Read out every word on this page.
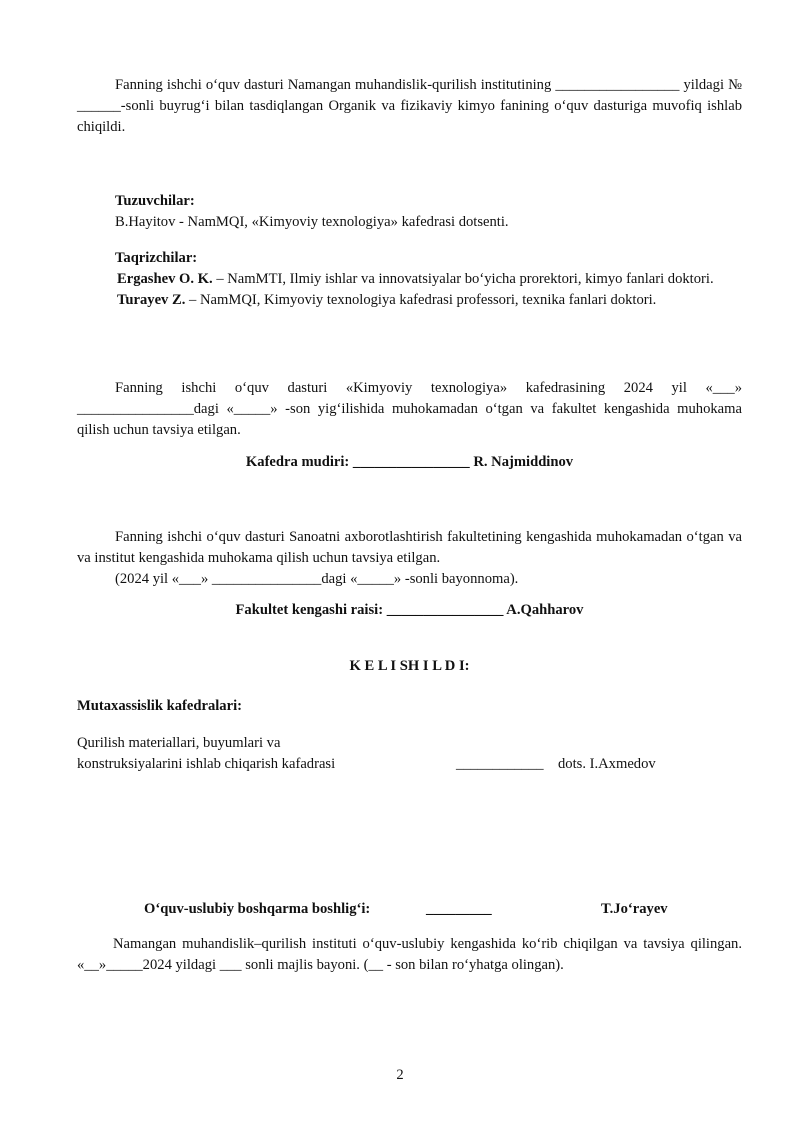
Fanning ishchi o‘quv dasturi Namangan muhandislik-qurilish institutining _________________ yildagi № ______-sonli buyrug‘i bilan tasdiqlangan Organik va fizikaviy kimyo fanining o‘quv dasturiga muvofiq ishlab chiqildi.
Tuzuvchilar:
B.Hayitov - NamMQI, «Kimyoviy texnologiya» kafedrasi dotsenti.
Taqrizchilar:
Ergashev O. K. – NamMTI, Ilmiy ishlar va innovatsiyalar bo‘yicha prorektori, kimyo fanlari doktori.
Turayev Z. – NamMQI, Kimyoviy texnologiya kafedrasi professori, texnika fanlari doktori.
Fanning ishchi o‘quv dasturi «Kimyoviy texnologiya» kafedrasining 2024 yil «___» ________________dagi «_____» -son yig‘ilishida muhokamadan o‘tgan va fakultet kengashida muhokama qilish uchun tavsiya etilgan.
Kafedra mudiri: ________________ R. Najmiddinov
Fanning ishchi o‘quv dasturi Sanoatni axborotlashtirish fakultetining kengashida muhokamadan o‘tgan va va institut kengashida muhokama qilish uchun tavsiya etilgan.
(2024 yil «___» _______________dagi «_____» -sonli bayonnoma).
Fakultet kengashi raisi: ________________ A.Qahharov
K E L I SH I L D I:
Mutaxassislik kafedralari:
Qurilish materiallari, buyumlari va
konstruksiyalarini ishlab chiqarish kafadrasi	____________ dots. I.Axmedov
O‘quv-uslubiy boshqarma boshlig‘i:	_________	T.Jo‘rayev
Namangan muhandislik–qurilish instituti o‘quv-uslubiy kengashida ko‘rib chiqilgan va tavsiya qilingan. «__»_____2024 yildagi ___ sonli majlis bayoni. (__ - son bilan ro‘yhatga olingan).
2
